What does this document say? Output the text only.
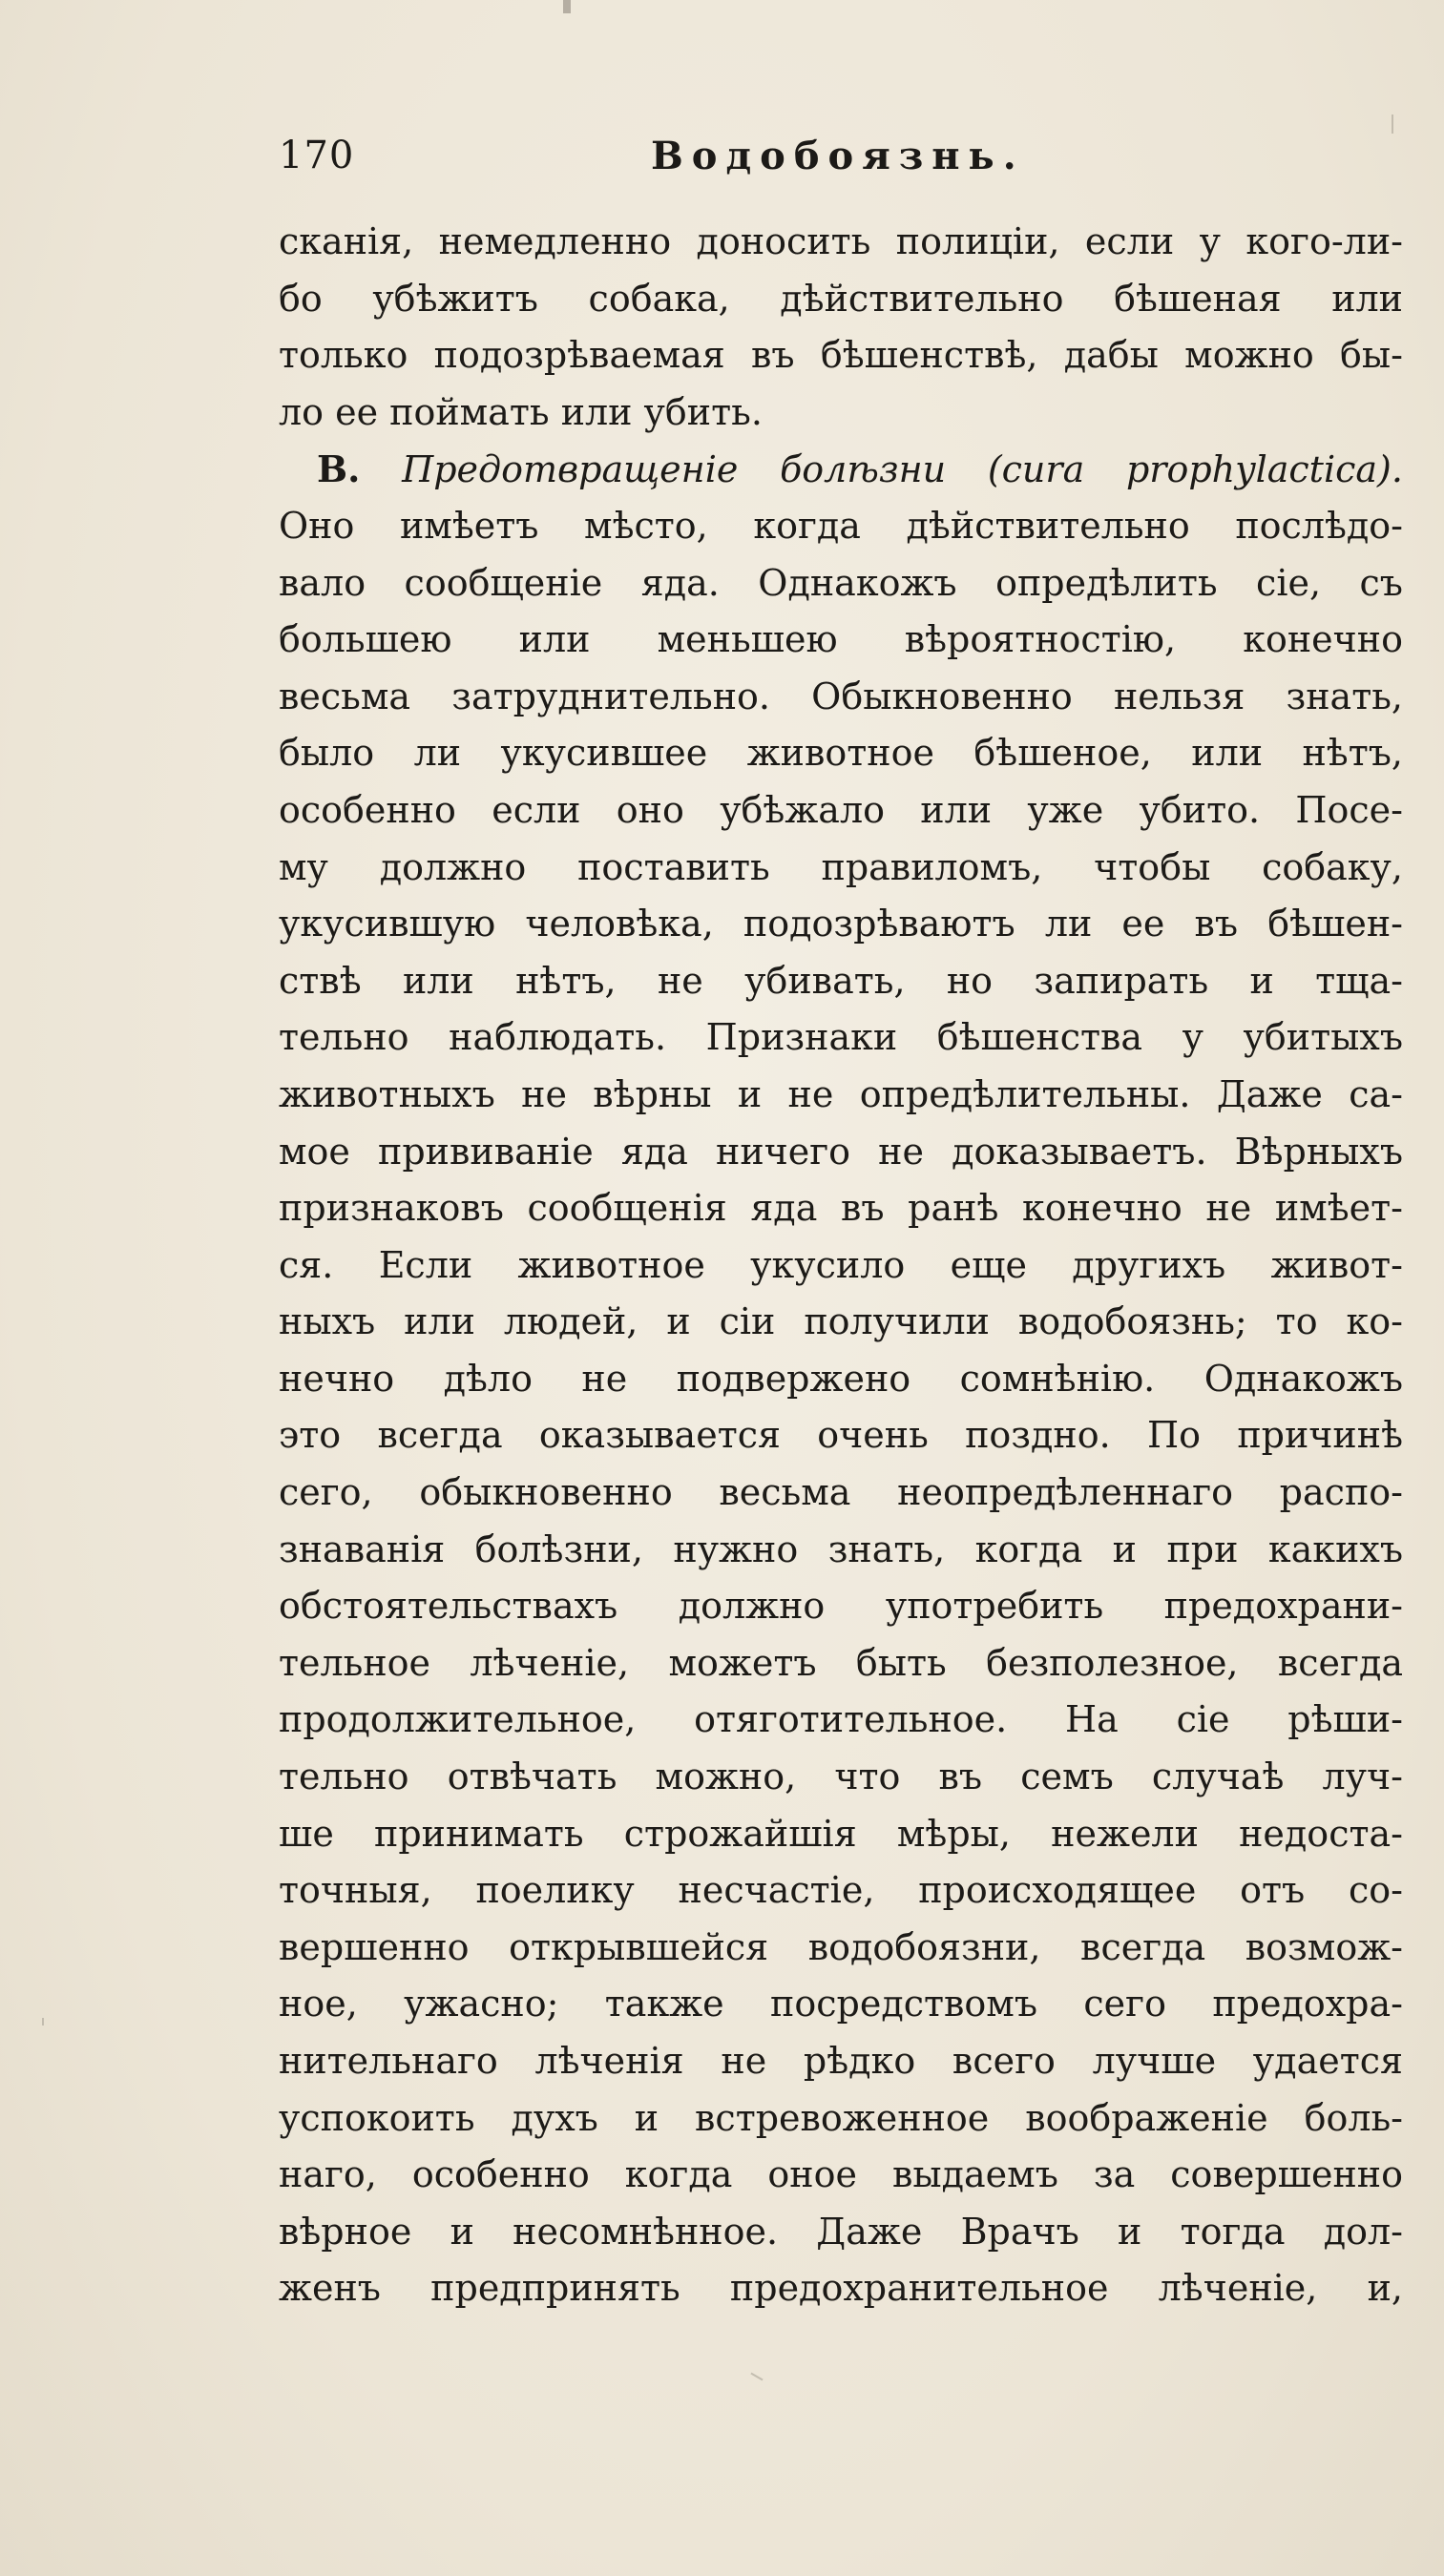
170	Водобоязнь.
сканія, немедленно доносить полиціи, если у кого-ли-
бо убѣжитъ собака, дѣйствительно бѣшеная или
только подозрѣваемая въ бѣшенствѣ, дабы можно бы-
ло ее поймать или убить.
В. Предотвращеніе болѣзни (cura prophylactica).
Оно имѣетъ мѣсто, когда дѣйствительно послѣдо-
вало сообщеніе яда. Однакожъ опредѣлить сіе, съ
большею или меньшею вѣроятностію, конечно
весьма затруднительно. Обыкновенно нельзя знать,
было ли укусившее животное бѣшеное, или нѣтъ,
особенно если оно убѣжало или уже убито. Посе-
му должно поставить правиломъ, чтобы собаку,
укусившую человѣка, подозрѣваютъ ли ее въ бѣшен-
ствѣ или нѣтъ, не убивать, но запирать и тща-
тельно наблюдать. Признаки бѣшенства у убитыхъ
животныхъ не вѣрны и не опредѣлительны. Даже са-
мое прививаніе яда ничего не доказываетъ. Вѣрныхъ
признаковъ сообщенія яда въ ранѣ конечно не имѣет-
ся. Если животное укусило еще другихъ живот-
ныхъ или людей, и сіи получили водобоязнь; то ко-
нечно дѣло не подвержено сомнѣнію. Однакожъ
это всегда оказывается очень поздно. По причинѣ
сего, обыкновенно весьма неопредѣленнаго распо-
знаванія болѣзни, нужно знать, когда и при какихъ
обстоятельствахъ должно употребить предохрани-
тельное лѣченіе, можетъ быть безполезное, всегда
продолжительное, отяготительное. На сіе рѣши-
тельно отвѣчать можно, что въ семъ случаѣ луч-
ше принимать строжайшія мѣры, нежели недоста-
точныя, поелику несчастіе, происходящее отъ со-
вершенно открывшейся водобоязни, всегда возмож-
ное, ужасно; также посредствомъ сего предохра-
нительнаго лѣченія не рѣдко всего лучше удается
успокоить духъ и встревоженное воображеніе боль-
наго, особенно когда оное выдаемъ за совершенно
вѣрное и несомнѣнное. Даже Врачъ и тогда дол-
женъ предпринять предохранительное лѣченіе, и,
